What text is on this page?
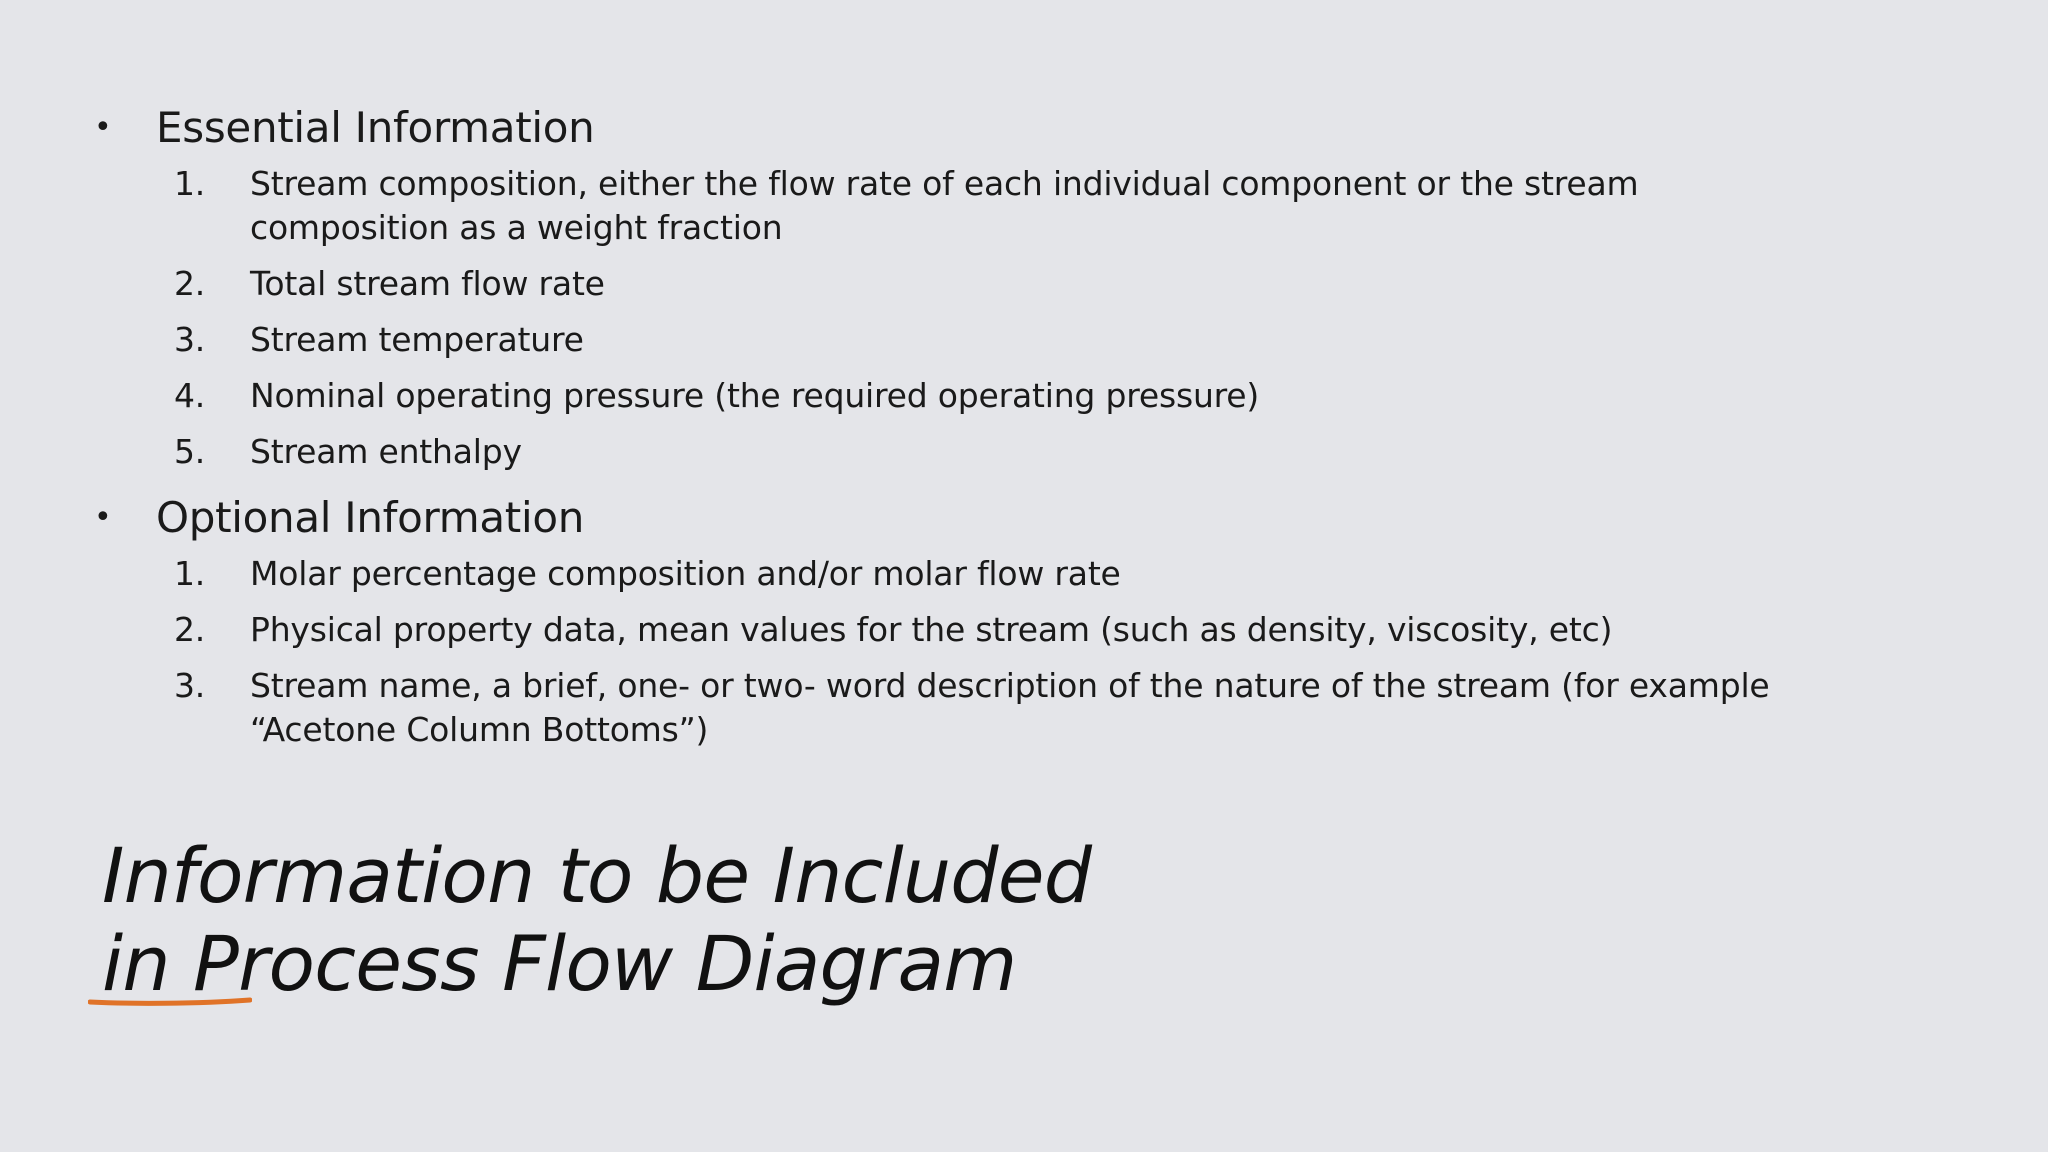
•	Essential Information
1.	Stream composition, either the flow rate of each individual component or the stream composition as a weight fraction
2.	Total stream flow rate
3.	Stream temperature
4.	Nominal operating pressure (the required operating pressure)
5.	Stream enthalpy
•	Optional Information
1.	Molar percentage composition and/or molar flow rate
2.	Physical property data, mean values for the stream (such as density, viscosity, etc)
3.	Stream name, a brief, one- or two- word description of the nature of the stream (for example “Acetone Column Bottoms”)
Information to be Included
in Process Flow Diagram
